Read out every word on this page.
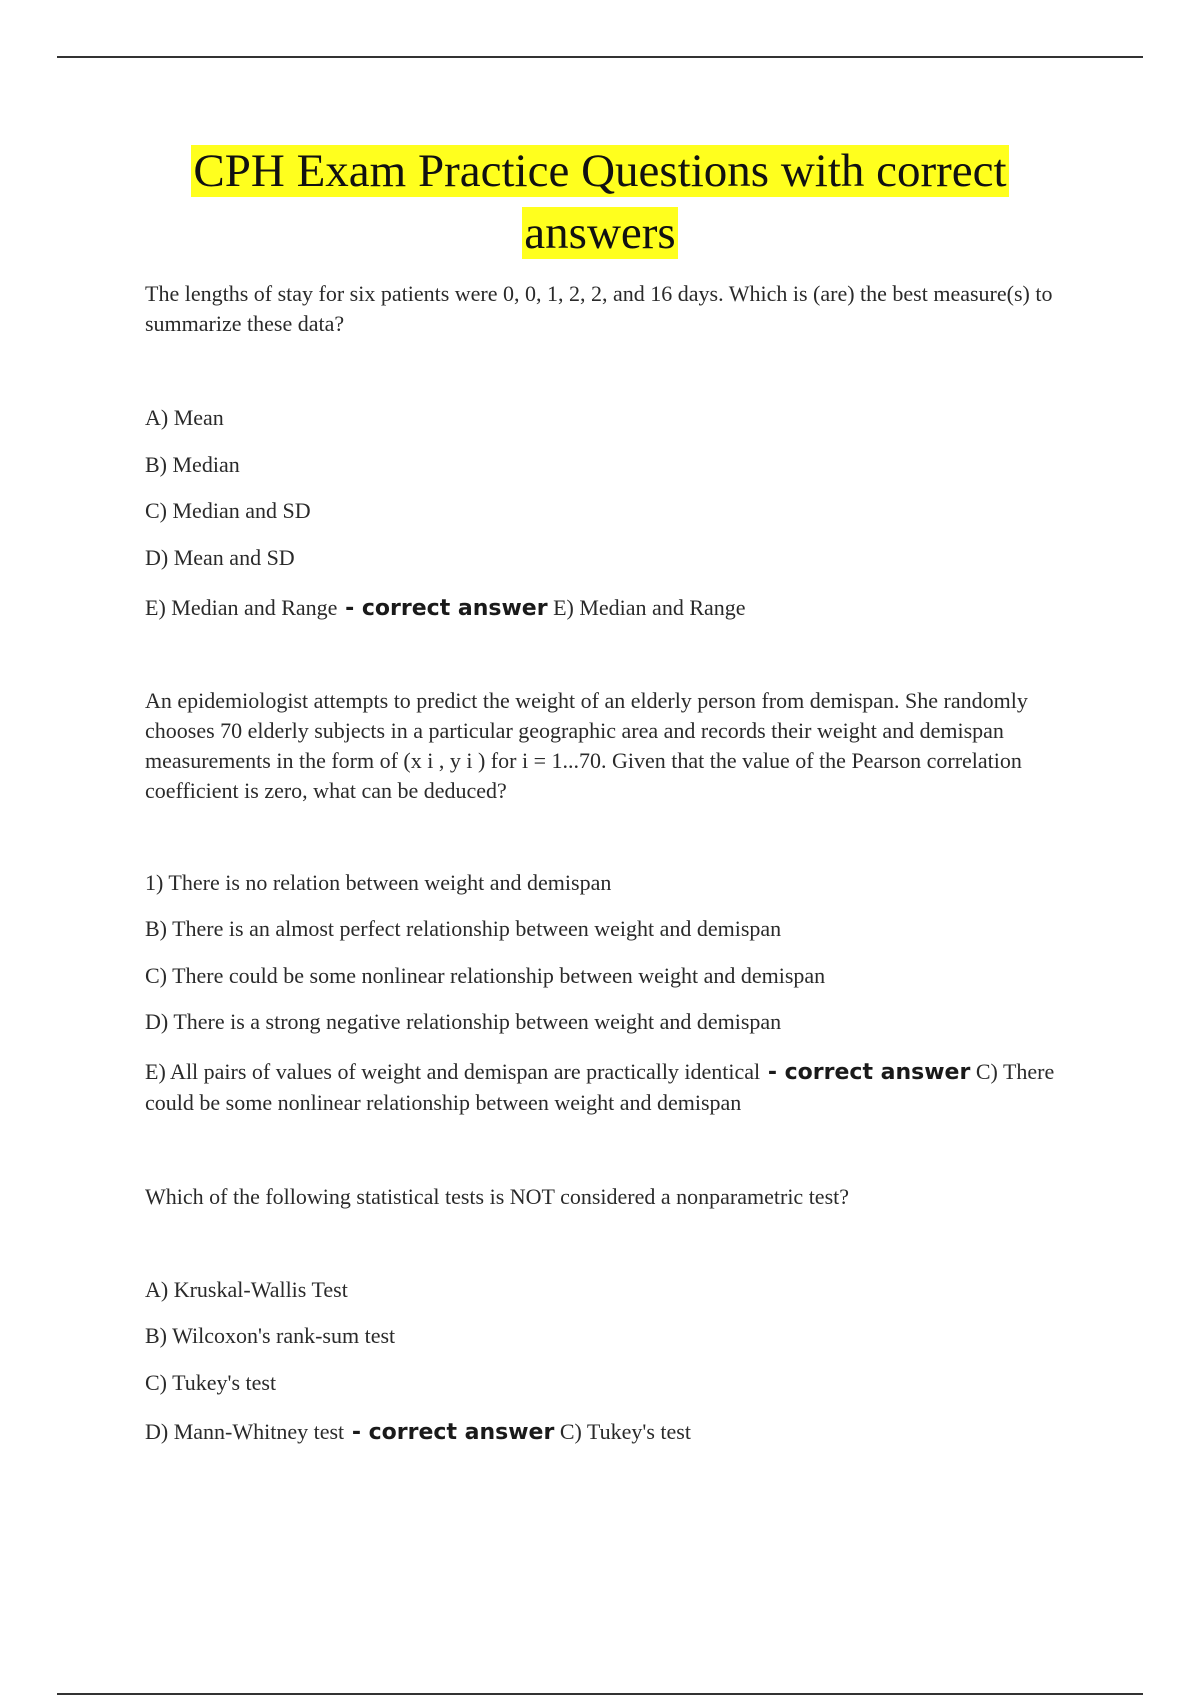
CPH Exam Practice Questions with correct
answers

The lengths of stay for six patients were 0, 0, 1, 2, 2, and 16 days. Which is (are) the best measure(s) to summarize these data?

A) Mean
B) Median
C) Median and SD
D) Mean and SD
E) Median and Range - correct answer E) Median and Range

An epidemiologist attempts to predict the weight of an elderly person from demispan. She randomly chooses 70 elderly subjects in a particular geographic area and records their weight and demispan measurements in the form of (x i , y i ) for i = 1...70. Given that the value of the Pearson correlation coefficient is zero, what can be deduced?

1) There is no relation between weight and demispan
B) There is an almost perfect relationship between weight and demispan
C) There could be some nonlinear relationship between weight and demispan
D) There is a strong negative relationship between weight and demispan
E) All pairs of values of weight and demispan are practically identical - correct answer C) There could be some nonlinear relationship between weight and demispan

Which of the following statistical tests is NOT considered a nonparametric test?

A) Kruskal-Wallis Test
B) Wilcoxon's rank-sum test
C) Tukey's test
D) Mann-Whitney test - correct answer C) Tukey's test
